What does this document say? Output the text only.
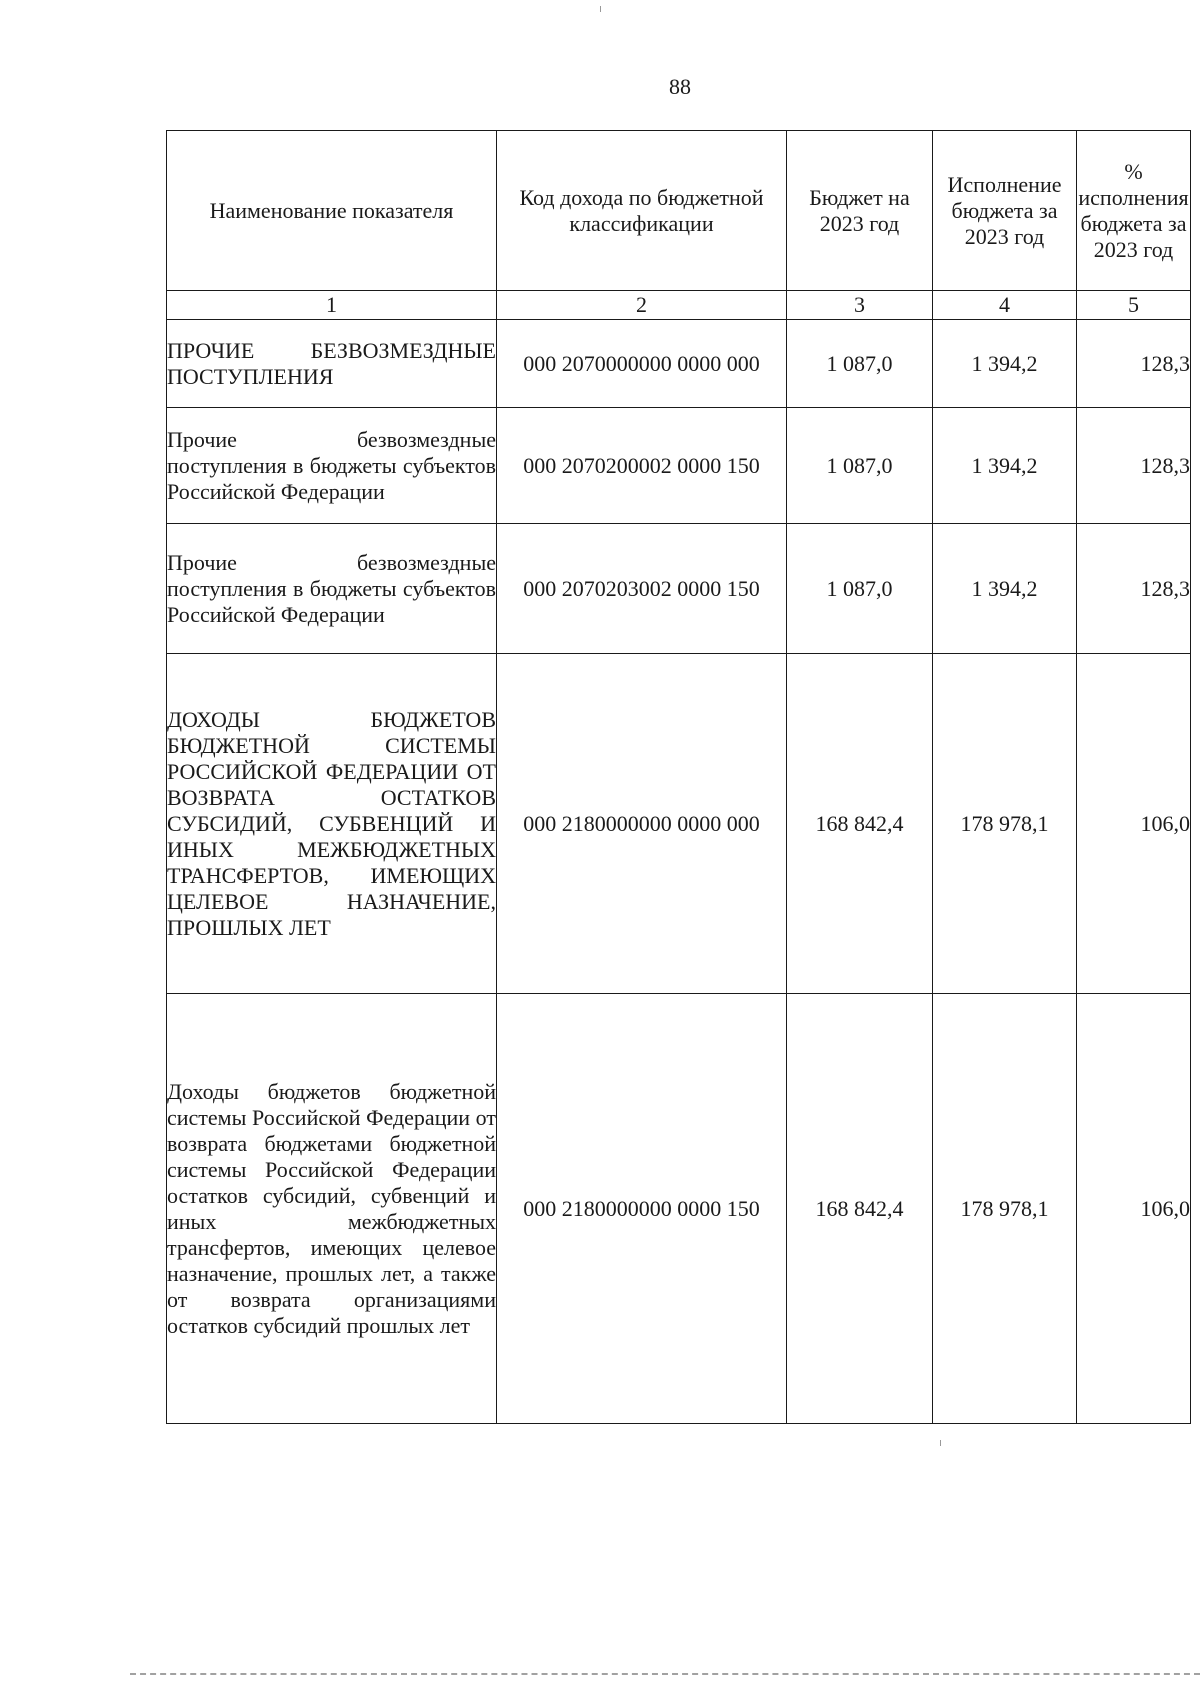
88
Наименование показателя	Код дохода по бюджетной классификации	Бюджет на 2023 год	Исполнение бюджета за 2023 год	% исполнения бюджета за 2023 год
1	2	3	4	5
ПРОЧИЕ БЕЗВОЗМЕЗДНЫЕ ПОСТУПЛЕНИЯ	000 2070000000 0000 000	1 087,0	1 394,2	128,3
Прочие безвозмездные поступления в бюджеты субъектов Российской Федерации	000 2070200002 0000 150	1 087,0	1 394,2	128,3
Прочие безвозмездные поступления в бюджеты субъектов Российской Федерации	000 2070203002 0000 150	1 087,0	1 394,2	128,3
ДОХОДЫ БЮДЖЕТОВ БЮДЖЕТНОЙ СИСТЕМЫ РОССИЙСКОЙ ФЕДЕРАЦИИ ОТ ВОЗВРАТА ОСТАТКОВ СУБСИДИЙ, СУБВЕНЦИЙ И ИНЫХ МЕЖБЮДЖЕТНЫХ ТРАНСФЕРТОВ, ИМЕЮЩИХ ЦЕЛЕВОЕ НАЗНАЧЕНИЕ, ПРОШЛЫХ ЛЕТ	000 2180000000 0000 000	168 842,4	178 978,1	106,0
Доходы бюджетов бюджетной системы Российской Федерации от возврата бюджетами бюджетной системы Российской Федерации остатков субсидий, субвенций и иных межбюджетных трансфертов, имеющих целевое назначение, прошлых лет, а также от возврата организациями остатков субсидий прошлых лет	000 2180000000 0000 150	168 842,4	178 978,1	106,0
